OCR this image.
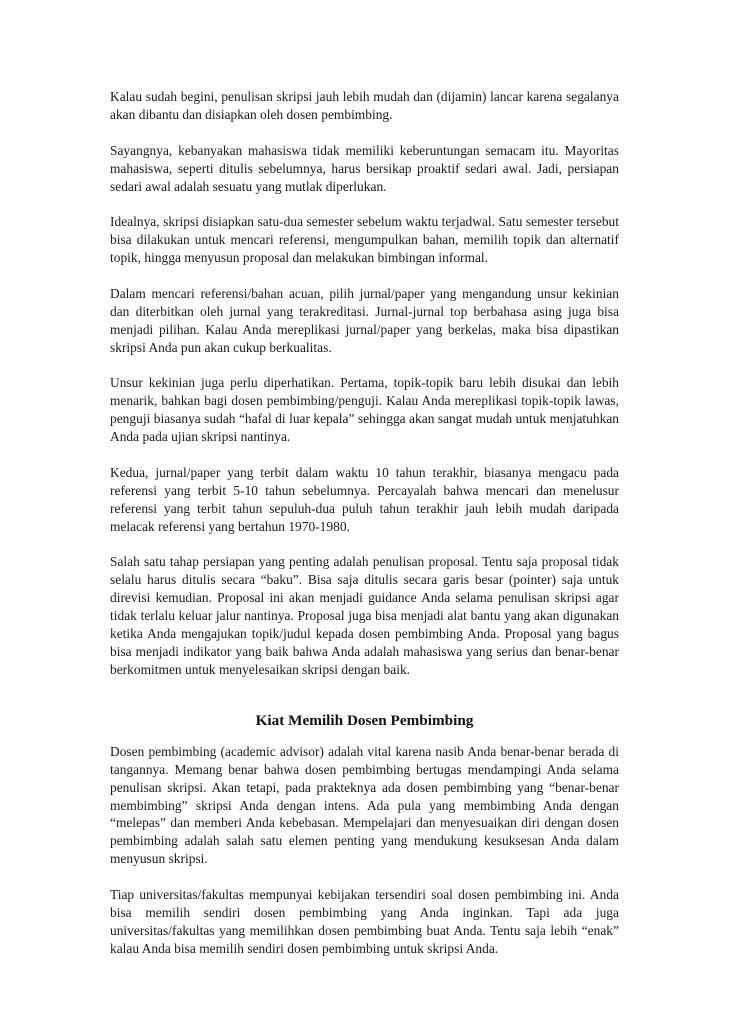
Kalau sudah begini, penulisan skripsi jauh lebih mudah dan (dijamin) lancar karena segalanya akan dibantu dan disiapkan oleh dosen pembimbing.

Sayangnya, kebanyakan mahasiswa tidak memiliki keberuntungan semacam itu. Mayoritas mahasiswa, seperti ditulis sebelumnya, harus bersikap proaktif sedari awal. Jadi, persiapan sedari awal adalah sesuatu yang mutlak diperlukan.

Idealnya, skripsi disiapkan satu-dua semester sebelum waktu terjadwal. Satu semester tersebut bisa dilakukan untuk mencari referensi, mengumpulkan bahan, memilih topik dan alternatif topik, hingga menyusun proposal dan melakukan bimbingan informal.

Dalam mencari referensi/bahan acuan, pilih jurnal/paper yang mengandung unsur kekinian dan diterbitkan oleh jurnal yang terakreditasi. Jurnal-jurnal top berbahasa asing juga bisa menjadi pilihan. Kalau Anda mereplikasi jurnal/paper yang berkelas, maka bisa dipastikan skripsi Anda pun akan cukup berkualitas.

Unsur kekinian juga perlu diperhatikan. Pertama, topik-topik baru lebih disukai dan lebih menarik, bahkan bagi dosen pembimbing/penguji. Kalau Anda mereplikasi topik-topik lawas, penguji biasanya sudah “hafal di luar kepala” sehingga akan sangat mudah untuk menjatuhkan Anda pada ujian skripsi nantinya.

Kedua, jurnal/paper yang terbit dalam waktu 10 tahun terakhir, biasanya mengacu pada referensi yang terbit 5-10 tahun sebelumnya. Percayalah bahwa mencari dan menelusur referensi yang terbit tahun sepuluh-dua puluh tahun terakhir jauh lebih mudah daripada melacak referensi yang bertahun 1970-1980.

Salah satu tahap persiapan yang penting adalah penulisan proposal. Tentu saja proposal tidak selalu harus ditulis secara “baku”. Bisa saja ditulis secara garis besar (pointer) saja untuk direvisi kemudian. Proposal ini akan menjadi guidance Anda selama penulisan skripsi agar tidak terlalu keluar jalur nantinya. Proposal juga bisa menjadi alat bantu yang akan digunakan ketika Anda mengajukan topik/judul kepada dosen pembimbing Anda. Proposal yang bagus bisa menjadi indikator yang baik bahwa Anda adalah mahasiswa yang serius dan benar-benar berkomitmen untuk menyelesaikan skripsi dengan baik.

Kiat Memilih Dosen Pembimbing

Dosen pembimbing (academic advisor) adalah vital karena nasib Anda benar-benar berada di tangannya. Memang benar bahwa dosen pembimbing bertugas mendampingi Anda selama penulisan skripsi. Akan tetapi, pada prakteknya ada dosen pembimbing yang “benar-benar membimbing” skripsi Anda dengan intens. Ada pula yang membimbing Anda dengan “melepas” dan memberi Anda kebebasan. Mempelajari dan menyesuaikan diri dengan dosen pembimbing adalah salah satu elemen penting yang mendukung kesuksesan Anda dalam menyusun skripsi.

Tiap universitas/fakultas mempunyai kebijakan tersendiri soal dosen pembimbing ini. Anda bisa memilih sendiri dosen pembimbing yang Anda inginkan. Tapi ada juga universitas/fakultas yang memilihkan dosen pembimbing buat Anda. Tentu saja lebih “enak” kalau Anda bisa memilih sendiri dosen pembimbing untuk skripsi Anda.
